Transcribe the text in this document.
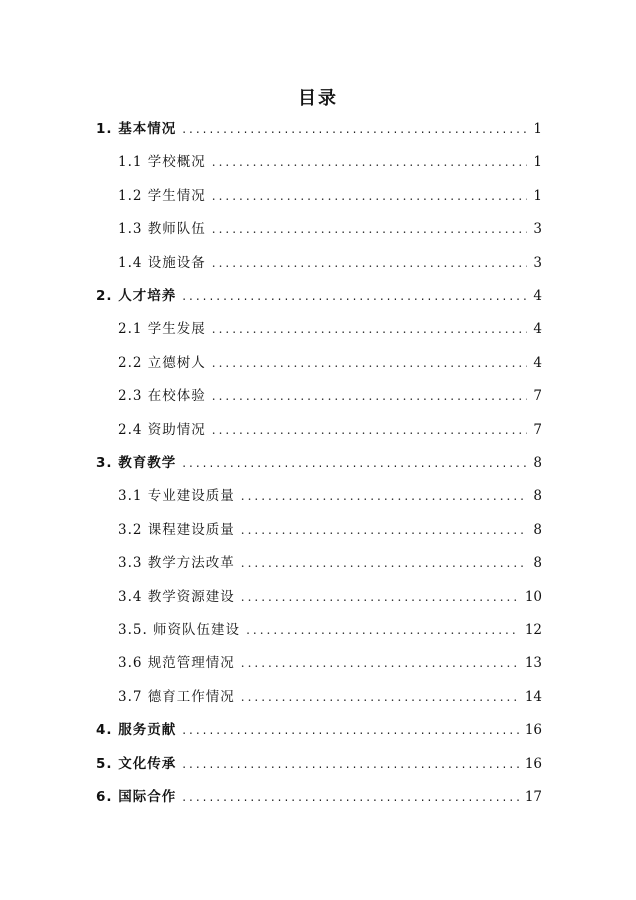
目录
1. 基本情况 .....	1
1.1 学校概况 .....	1
1.2 学生情况 .....	1
1.3 教师队伍 .....	3
1.4 设施设备 .....	3
2. 人才培养 .....	4
2.1 学生发展 .....	4
2.2 立德树人 .....	4
2.3 在校体验 .....	7
2.4 资助情况 .....	7
3. 教育教学 .....	8
3.1 专业建设质量 .....	8
3.2 课程建设质量 .....	8
3.3 教学方法改革 .....	8
3.4 教学资源建设 .....	10
3.5. 师资队伍建设 .....	12
3.6 规范管理情况 .....	13
3.7 德育工作情况 .....	14
4. 服务贡献 .....	16
5. 文化传承 .....	16
6. 国际合作 .....	17
